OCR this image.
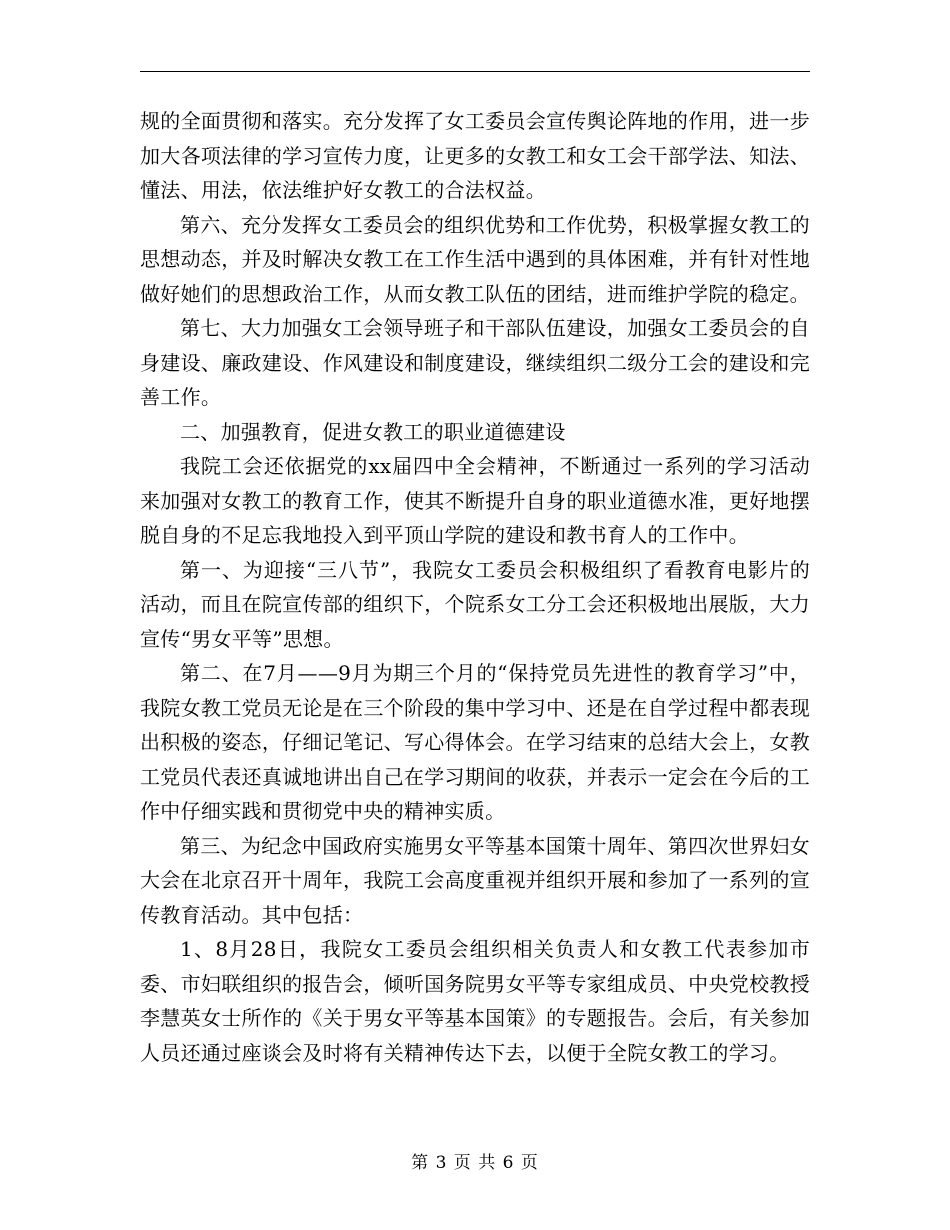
规的全面贯彻和落实。充分发挥了女工委员会宣传舆论阵地的作用，进一步加大各项法律的学习宣传力度，让更多的女教工和女工会干部学法、知法、懂法、用法，依法维护好女教工的合法权益。

第六、充分发挥女工委员会的组织优势和工作优势，积极掌握女教工的思想动态，并及时解决女教工在工作生活中遇到的具体困难，并有针对性地做好她们的思想政治工作，从而女教工队伍的团结，进而维护学院的稳定。

第七、大力加强女工会领导班子和干部队伍建设，加强女工委员会的自身建设、廉政建设、作风建设和制度建设，继续组织二级分工会的建设和完善工作。

二、加强教育，促进女教工的职业道德建设

我院工会还依据党的xx届四中全会精神，不断通过一系列的学习活动来加强对女教工的教育工作，使其不断提升自身的职业道德水准，更好地摆脱自身的不足忘我地投入到平顶山学院的建设和教书育人的工作中。

第一、为迎接“三八节”，我院女工委员会积极组织了看教育电影片的活动，而且在院宣传部的组织下，个院系女工分工会还积极地出展版，大力宣传“男女平等”思想。

第二、在7月——9月为期三个月的“保持党员先进性的教育学习”中，我院女教工党员无论是在三个阶段的集中学习中、还是在自学过程中都表现出积极的姿态，仔细记笔记、写心得体会。在学习结束的总结大会上，女教工党员代表还真诚地讲出自己在学习期间的收获，并表示一定会在今后的工作中仔细实践和贯彻党中央的精神实质。

第三、为纪念中国政府实施男女平等基本国策十周年、第四次世界妇女大会在北京召开十周年，我院工会高度重视并组织开展和参加了一系列的宣传教育活动。其中包括：

1、8月28日，我院女工委员会组织相关负责人和女教工代表参加市委、市妇联组织的报告会，倾听国务院男女平等专家组成员、中央党校教授李慧英女士所作的《关于男女平等基本国策》的专题报告。会后，有关参加人员还通过座谈会及时将有关精神传达下去，以便于全院女教工的学习。

第 3 页 共 6 页
